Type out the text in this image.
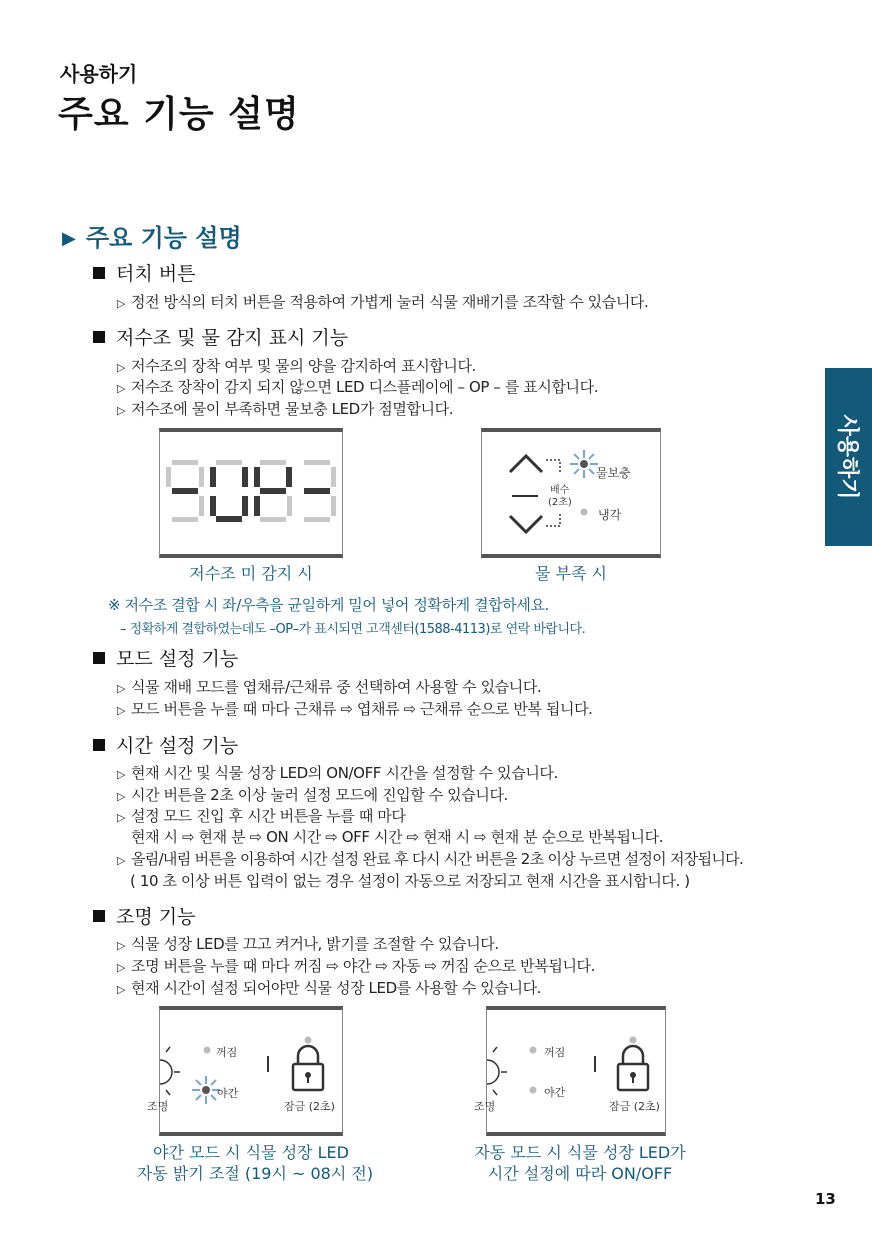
사용하기
주요 기능 설명
사용하기
▶ 주요 기능 설명
터치 버튼
▷ 정전 방식의 터치 버튼을 적용하여 가볍게 눌러 식물 재배기를 조작할 수 있습니다.
저수조 및 물 감지 표시 기능
▷ 저수조의 장착 여부 및 물의 양을 감지하여 표시합니다.
▷ 저수조 장착이 감지 되지 않으면 LED 디스플레이에 – OP – 를 표시합니다.
▷ 저수조에 물이 부족하면 물보충 LED가 점멸합니다.
저수조 미 감지 시
물보충
배수
(2초)
냉각
물 부족 시
※ 저수조 결합 시 좌/우측을 균일하게 밀어 넣어 정확하게 결합하세요.
– 정확하게 결합하였는데도 –OP–가 표시되면 고객센터(1588-4113)로 연락 바랍니다.
모드 설정 기능
▷ 식물 재배 모드를 엽채류/근채류 중 선택하여 사용할 수 있습니다.
▷ 모드 버튼을 누를 때 마다 근채류 ⇨ 엽채류 ⇨ 근채류 순으로 반복 됩니다.
시간 설정 기능
▷ 현재 시간 및 식물 성장 LED의 ON/OFF 시간을 설정할 수 있습니다.
▷ 시간 버튼을 2초 이상 눌러 설정 모드에 진입할 수 있습니다.
▷ 설정 모드 진입 후 시간 버튼을 누를 때 마다
현재 시 ⇨ 현재 분 ⇨ ON 시간 ⇨ OFF 시간 ⇨ 현재 시 ⇨ 현재 분 순으로 반복됩니다.
▷ 올림/내림 버튼을 이용하여 시간 설정 완료 후 다시 시간 버튼을 2초 이상 누르면 설정이 저장됩니다.
( 10 초 이상 버튼 입력이 없는 경우 설정이 자동으로 저장되고 현재 시간을 표시합니다. )
조명 기능
▷ 식물 성장 LED를 끄고 켜거나, 밝기를 조절할 수 있습니다.
▷ 조명 버튼을 누를 때 마다 꺼짐 ⇨ 야간 ⇨ 자동 ⇨ 꺼짐 순으로 반복됩니다.
▷ 현재 시간이 설정 되어야만 식물 성장 LED를 사용할 수 있습니다.
꺼짐
야간
조명	잠금 (2초)
야간 모드 시 식물 성장 LED
자동 밝기 조절 (19시 ~ 08시 전)
꺼짐
야간
조명	잠금 (2초)
자동 모드 시 식물 성장 LED가
시간 설정에 따라 ON/OFF
13
